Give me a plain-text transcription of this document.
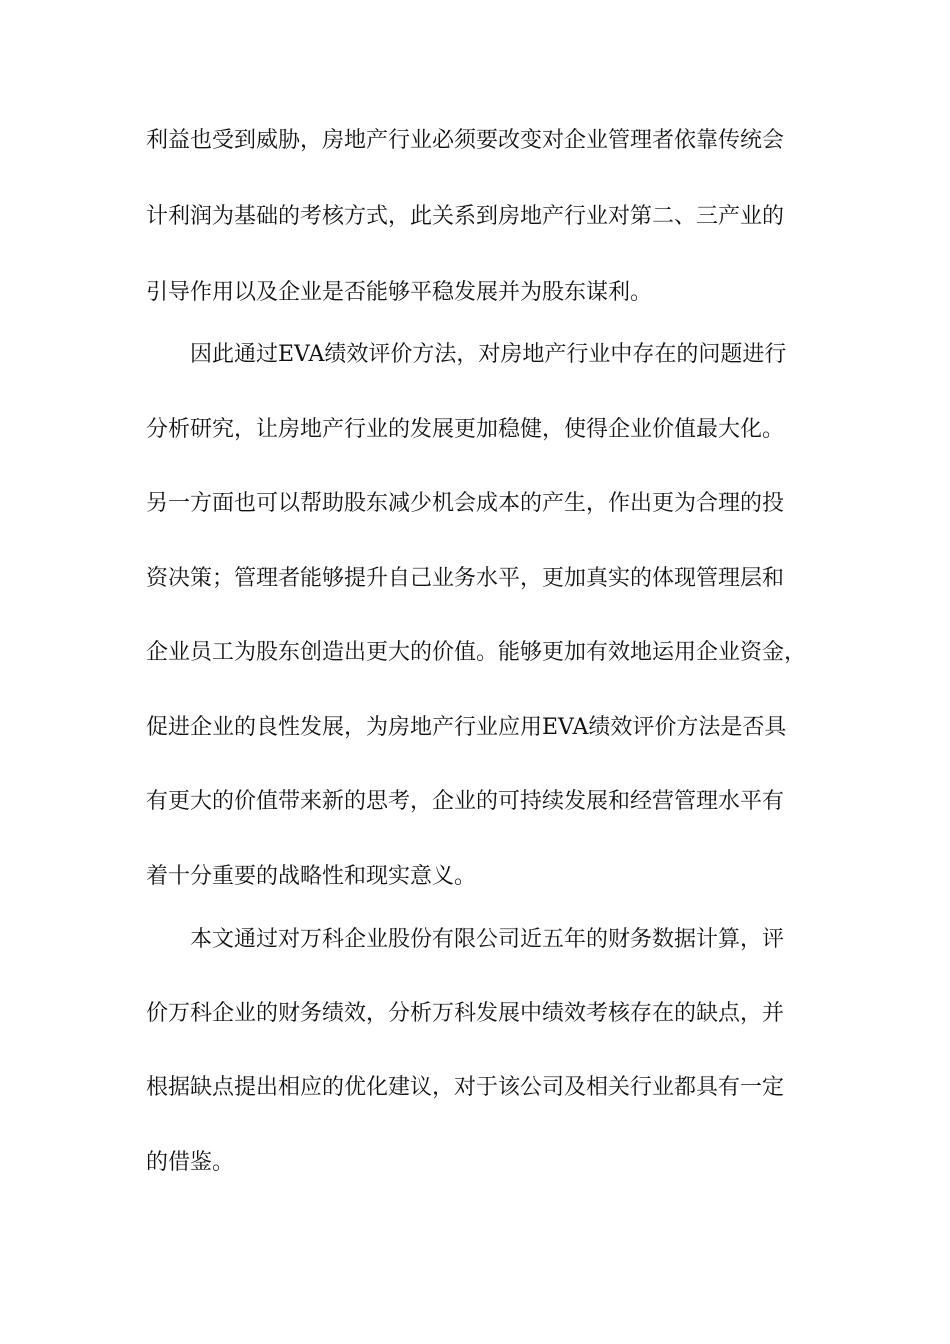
利益也受到威胁，房地产行业必须要改变对企业管理者依靠传统会

计利润为基础的考核方式，此关系到房地产行业对第二、三产业的

引导作用以及企业是否能够平稳发展并为股东谋利。

因此通过EVA绩效评价方法，对房地产行业中存在的问题进行

分析研究，让房地产行业的发展更加稳健，使得企业价值最大化。

另一方面也可以帮助股东减少机会成本的产生，作出更为合理的投

资决策；管理者能够提升自己业务水平，更加真实的体现管理层和

企业员工为股东创造出更大的价值。能够更加有效地运用企业资金，

促进企业的良性发展，为房地产行业应用EVA绩效评价方法是否具

有更大的价值带来新的思考，企业的可持续发展和经营管理水平有

着十分重要的战略性和现实意义。

本文通过对万科企业股份有限公司近五年的财务数据计算，评

价万科企业的财务绩效，分析万科发展中绩效考核存在的缺点，并

根据缺点提出相应的优化建议，对于该公司及相关行业都具有一定

的借鉴。
